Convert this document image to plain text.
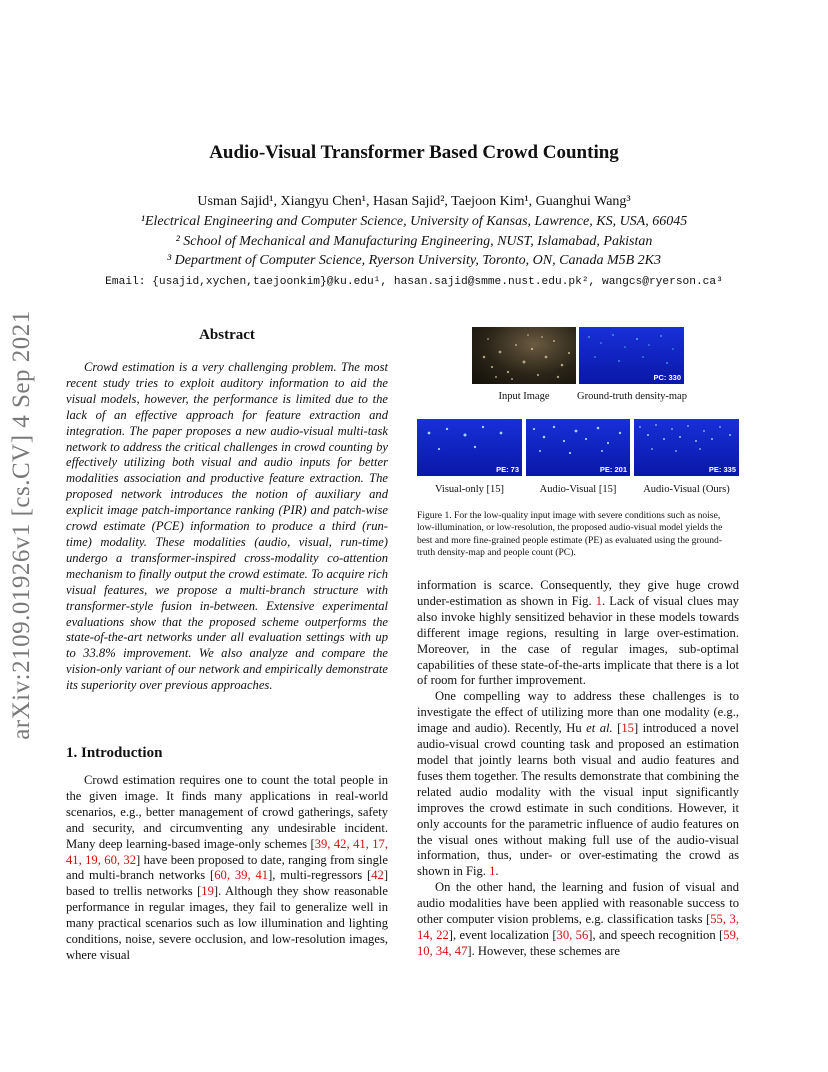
arXiv:2109.01926v1 [cs.CV] 4 Sep 2021
Audio-Visual Transformer Based Crowd Counting
Usman Sajid¹, Xiangyu Chen¹, Hasan Sajid², Taejoon Kim¹, Guanghui Wang³
¹Electrical Engineering and Computer Science, University of Kansas, Lawrence, KS, USA, 66045
² School of Mechanical and Manufacturing Engineering, NUST, Islamabad, Pakistan
³ Department of Computer Science, Ryerson University, Toronto, ON, Canada M5B 2K3
Email: {usajid,xychen,taejoonkim}@ku.edu¹, hasan.sajid@smme.nust.edu.pk², wangcs@ryerson.ca³
Abstract
Crowd estimation is a very challenging problem. The most recent study tries to exploit auditory information to aid the visual models, however, the performance is limited due to the lack of an effective approach for feature extraction and integration. The paper proposes a new audio-visual multi-task network to address the critical challenges in crowd counting by effectively utilizing both visual and audio inputs for better modalities association and productive feature extraction. The proposed network introduces the notion of auxiliary and explicit image patch-importance ranking (PIR) and patch-wise crowd estimate (PCE) information to produce a third (run-time) modality. These modalities (audio, visual, run-time) undergo a transformer-inspired cross-modality co-attention mechanism to finally output the crowd estimate. To acquire rich visual features, we propose a multi-branch structure with transformer-style fusion in-between. Extensive experimental evaluations show that the proposed scheme outperforms the state-of-the-art networks under all evaluation settings with up to 33.8% improvement. We also analyze and compare the vision-only variant of our network and empirically demonstrate its superiority over previous approaches.
1. Introduction
Crowd estimation requires one to count the total people in the given image. It finds many applications in real-world scenarios, e.g., better management of crowd gatherings, safety and security, and circumventing any undesirable incident. Many deep learning-based image-only schemes [39, 42, 41, 17, 41, 19, 60, 32] have been proposed to date, ranging from single and multi-branch networks [60, 39, 41], multi-regressors [42] based to trellis networks [19]. Although they show reasonable performance in regular images, they fail to generalize well in many practical scenarios such as low illumination and lighting conditions, noise, severe occlusion, and low-resolution images, where visual
PC: 330
Input Image	Ground-truth density-map
PE: 73	PE: 201	PE: 335
Visual-only [15]	Audio-Visual [15]	Audio-Visual (Ours)
Figure 1. For the low-quality input image with severe conditions such as noise, low-illumination, or low-resolution, the proposed audio-visual model yields the best and more fine-grained people estimate (PE) as evaluated using the ground-truth density-map and people count (PC).

information is scarce. Consequently, they give huge crowd under-estimation as shown in Fig. 1. Lack of visual clues may also invoke highly sensitized behavior in these models towards different image regions, resulting in large over-estimation. Moreover, in the case of regular images, sub-optimal capabilities of these state-of-the-arts implicate that there is a lot of room for further improvement.

One compelling way to address these challenges is to investigate the effect of utilizing more than one modality (e.g., image and audio). Recently, Hu et al. [15] introduced a novel audio-visual crowd counting task and proposed an estimation model that jointly learns both visual and audio features and fuses them together. The results demonstrate that combining the related audio modality with the visual input significantly improves the crowd estimate in such conditions. However, it only accounts for the parametric influence of audio features on the visual ones without making full use of the audio-visual information, thus, under- or over-estimating the crowd as shown in Fig. 1.

On the other hand, the learning and fusion of visual and audio modalities have been applied with reasonable success to other computer vision problems, e.g. classification tasks [55, 3, 14, 22], event localization [30, 56], and speech recognition [59, 10, 34, 47]. However, these schemes are
